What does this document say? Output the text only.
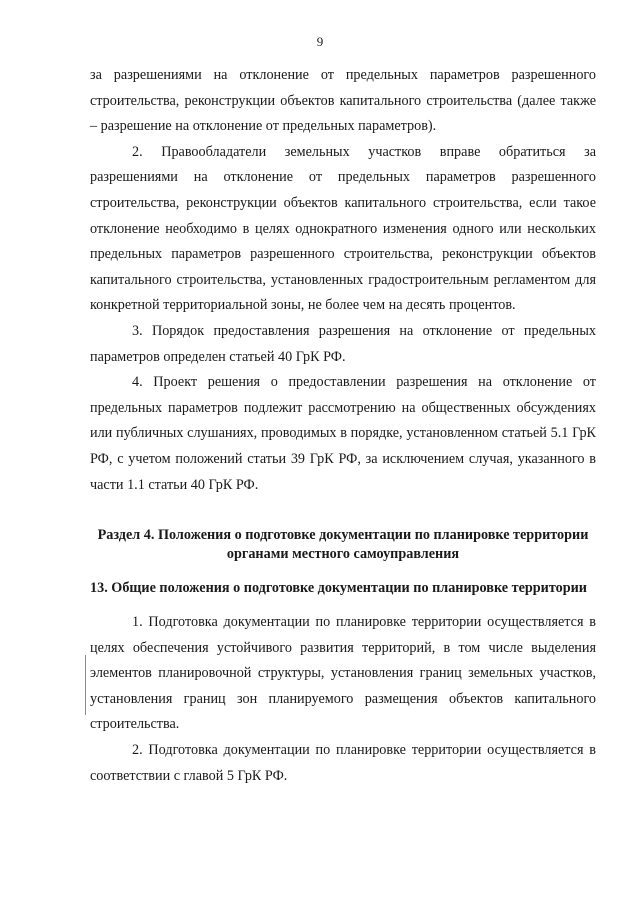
9

за разрешениями на отклонение от предельных параметров разрешенного строительства, реконструкции объектов капитального строительства (далее также – разрешение на отклонение от предельных параметров).

2. Правообладатели земельных участков вправе обратиться за разрешениями на отклонение от предельных параметров разрешенного строительства, реконструкции объектов капитального строительства, если такое отклонение необходимо в целях однократного изменения одного или нескольких предельных параметров разрешенного строительства, реконструкции объектов капитального строительства, установленных градостроительным регламентом для конкретной территориальной зоны, не более чем на десять процентов.

3. Порядок предоставления разрешения на отклонение от предельных параметров определен статьей 40 ГрК РФ.

4. Проект решения о предоставлении разрешения на отклонение от предельных параметров подлежит рассмотрению на общественных обсуждениях или публичных слушаниях, проводимых в порядке, установленном статьей 5.1 ГрК РФ, с учетом положений статьи 39 ГрК РФ, за исключением случая, указанного в части 1.1 статьи 40 ГрК РФ.

Раздел 4. Положения о подготовке документации по планировке территории органами местного самоуправления

13. Общие положения о подготовке документации по планировке территории

1. Подготовка документации по планировке территории осуществляется в целях обеспечения устойчивого развития территорий, в том числе выделения элементов планировочной структуры, установления границ земельных участков, установления границ зон планируемого размещения объектов капитального строительства.

2. Подготовка документации по планировке территории осуществляется в соответствии с главой 5 ГрК РФ.
